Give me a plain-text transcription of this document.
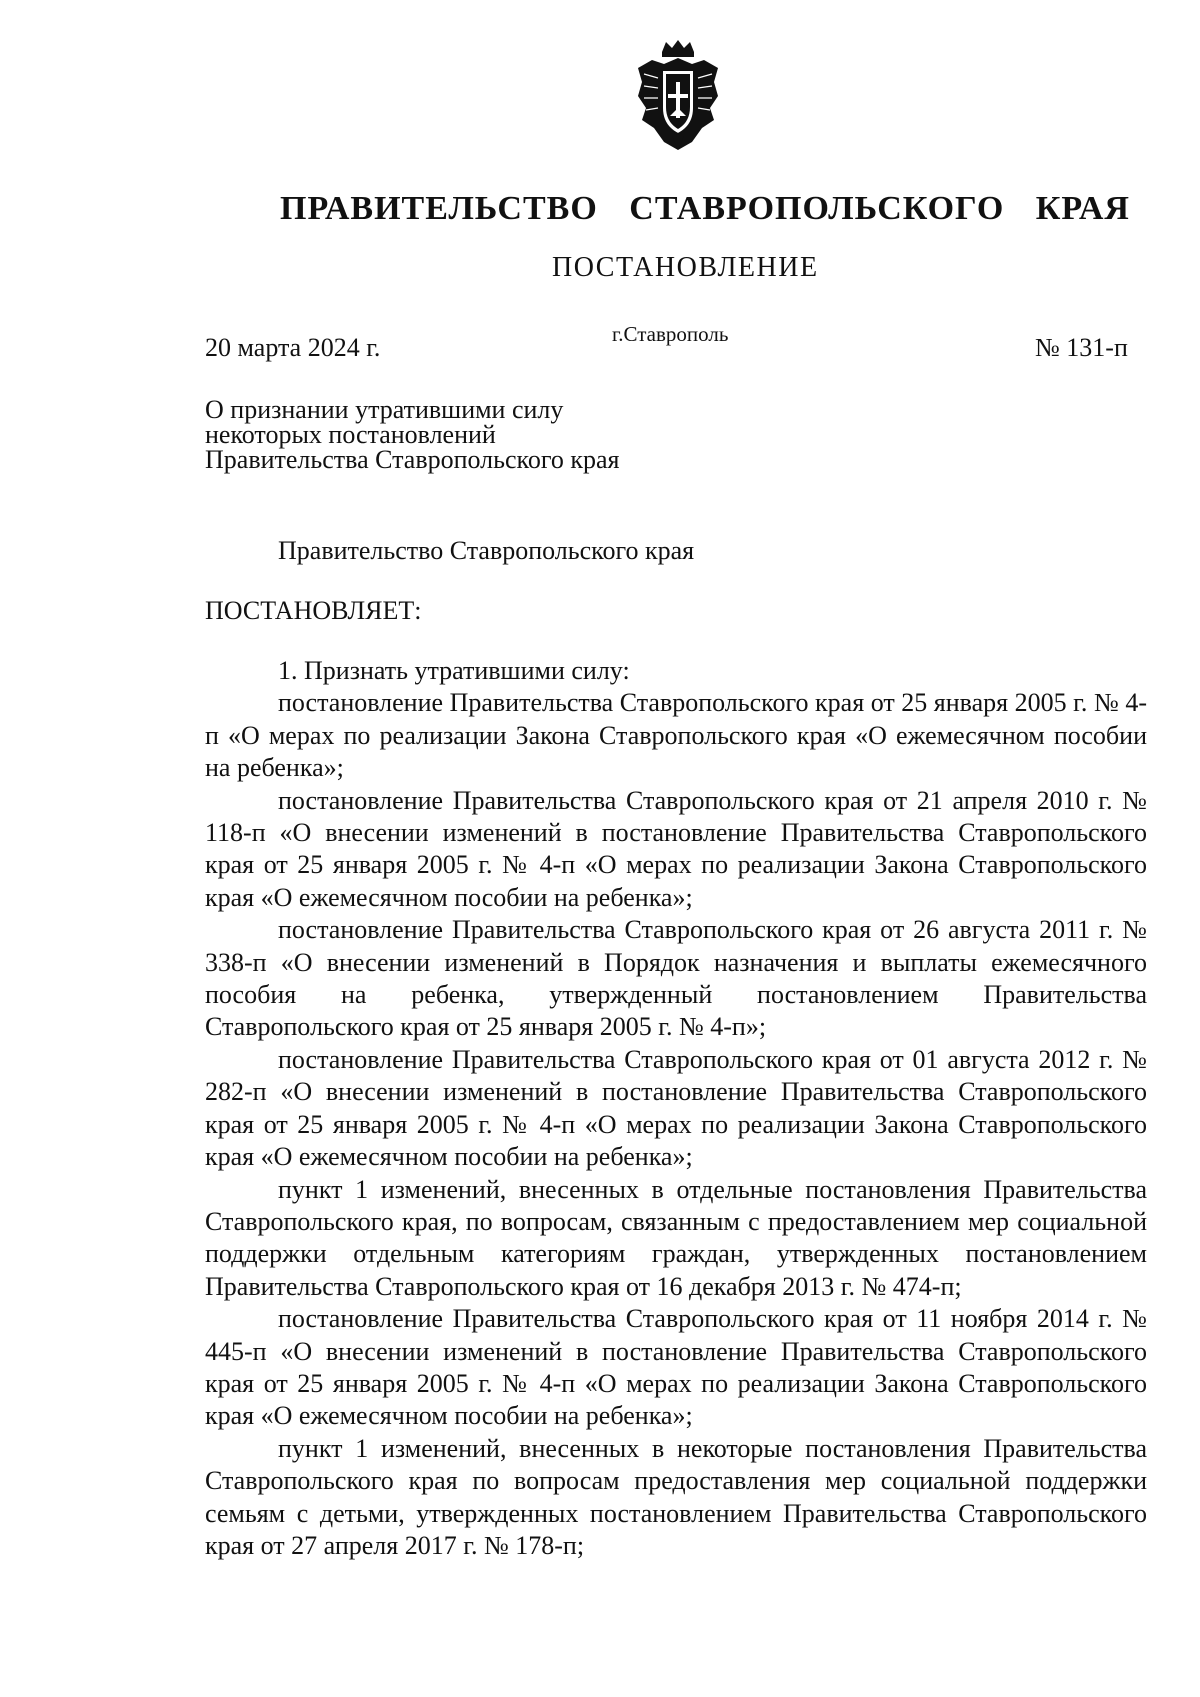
ПРАВИТЕЛЬСТВО СТАВРОПОЛЬСКОГО КРАЯ
ПОСТАНОВЛЕНИЕ
20 марта 2024 г.	г.Ставрополь	№ 131-п
О признании утратившими силу
некоторых постановлений
Правительства Ставропольского края
Правительство Ставропольского края
ПОСТАНОВЛЯЕТ:

1. Признать утратившими силу:

постановление Правительства Ставропольского края от 25 января 2005 г. № 4-п «О мерах по реализации Закона Ставропольского края «О ежемесячном пособии на ребенка»;

постановление Правительства Ставропольского края от 21 апреля 2010 г. № 118-п «О внесении изменений в постановление Правительства Ставропольского края от 25 января 2005 г. № 4-п «О мерах по реализации Закона Ставропольского края «О ежемесячном пособии на ребенка»;

постановление Правительства Ставропольского края от 26 августа 2011 г. № 338-п «О внесении изменений в Порядок назначения и выплаты ежемесячного пособия на ребенка, утвержденный постановлением Правительства Ставропольского края от 25 января 2005 г. № 4-п»;

постановление Правительства Ставропольского края от 01 августа 2012 г. № 282-п «О внесении изменений в постановление Правительства Ставропольского края от 25 января 2005 г. № 4-п «О мерах по реализации Закона Ставропольского края «О ежемесячном пособии на ребенка»;

пункт 1 изменений, внесенных в отдельные постановления Правительства Ставропольского края, по вопросам, связанным с предоставлением мер социальной поддержки отдельным категориям граждан, утвержденных постановлением Правительства Ставропольского края от 16 декабря 2013 г. № 474-п;

постановление Правительства Ставропольского края от 11 ноября 2014 г. № 445-п «О внесении изменений в постановление Правительства Ставропольского края от 25 января 2005 г. № 4-п «О мерах по реализации Закона Ставропольского края «О ежемесячном пособии на ребенка»;

пункт 1 изменений, внесенных в некоторые постановления Правительства Ставропольского края по вопросам предоставления мер социальной поддержки семьям с детьми, утвержденных постановлением Правительства Ставропольского края от 27 апреля 2017 г. № 178-п;
